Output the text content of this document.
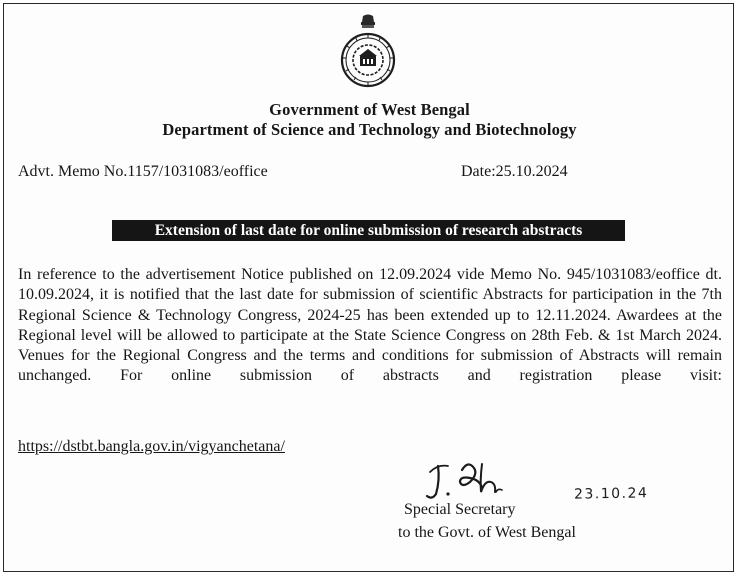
Government of West Bengal
Department of Science and Technology and Biotechnology
Advt. Memo No.1157/1031083/eoffice	Date:25.10.2024
Extension of last date for online submission of research abstracts
In reference to the advertisement Notice published on 12.09.2024 vide Memo No. 945/1031083/eoffice dt. 10.09.2024, it is notified that the last date for submission of scientific Abstracts for participation in the 7th Regional Science & Technology Congress, 2024-25 has been extended up to 12.11.2024. Awardees at the Regional level will be allowed to participate at the State Science Congress on 28th Feb. & 1st March 2024. Venues for the Regional Congress and the terms and conditions for submission of Abstracts will remain unchanged. For online submission of abstracts and registration please visit:
https://dstbt.bangla.gov.in/vigyanchetana/
23.10.24
Special Secretary
to the Govt. of West Bengal
